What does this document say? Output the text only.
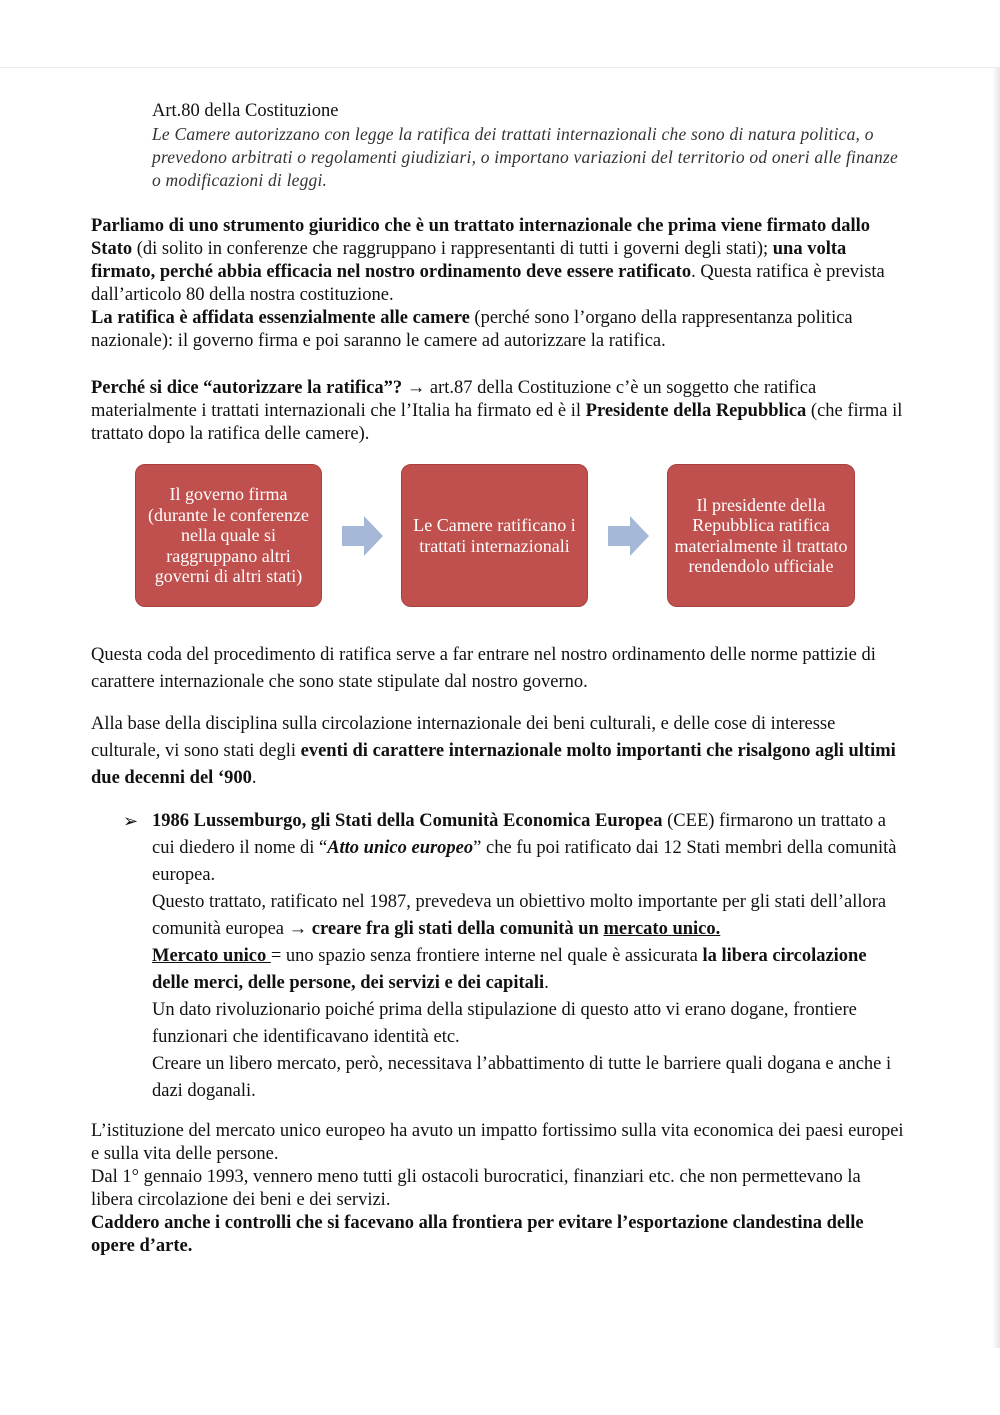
Art.80 della Costituzione

Le Camere autorizzano con legge la ratifica dei trattati internazionali che sono di natura politica, o prevedono arbitrati o regolamenti giudiziari, o importano variazioni del territorio od oneri alle finanze o modificazioni di leggi.

Parliamo di uno strumento giuridico che è un trattato internazionale che prima viene firmato dallo Stato (di solito in conferenze che raggruppano i rappresentanti di tutti i governi degli stati); una volta firmato, perché abbia efficacia nel nostro ordinamento deve essere ratificato. Questa ratifica è prevista dall’articolo 80 della nostra costituzione.
La ratifica è affidata essenzialmente alle camere (perché sono l’organo della rappresentanza politica nazionale): il governo firma e poi saranno le camere ad autorizzare la ratifica.

Perché si dice “autorizzare la ratifica”? → art.87 della Costituzione c’è un soggetto che ratifica materialmente i trattati internazionali che l’Italia ha firmato ed è il Presidente della Repubblica (che firma il trattato dopo la ratifica delle camere).

Il governo firma (durante le conferenze nella quale si raggruppano altri governi di altri stati)
Le Camere ratificano i trattati internazionali
Il presidente della Repubblica ratifica materialmente il trattato rendendolo ufficiale

Questa coda del procedimento di ratifica serve a far entrare nel nostro ordinamento delle norme pattizie di carattere internazionale che sono state stipulate dal nostro governo.

Alla base della disciplina sulla circolazione internazionale dei beni culturali, e delle cose di interesse culturale, vi sono stati degli eventi di carattere internazionale molto importanti che risalgono agli ultimi due decenni del ‘900.

➢ 1986 Lussemburgo, gli Stati della Comunità Economica Europea (CEE) firmarono un trattato a cui diedero il nome di “Atto unico europeo” che fu poi ratificato dai 12 Stati membri della comunità europea.
Questo trattato, ratificato nel 1987, prevedeva un obiettivo molto importante per gli stati dell’allora comunità europea → creare fra gli stati della comunità un mercato unico.
Mercato unico = uno spazio senza frontiere interne nel quale è assicurata la libera circolazione delle merci, delle persone, dei servizi e dei capitali.
Un dato rivoluzionario poiché prima della stipulazione di questo atto vi erano dogane, frontiere funzionari che identificavano identità etc.
Creare un libero mercato, però, necessitava l’abbattimento di tutte le barriere quali dogana e anche i dazi doganali.

L’istituzione del mercato unico europeo ha avuto un impatto fortissimo sulla vita economica dei paesi europei e sulla vita delle persone.
Dal 1° gennaio 1993, vennero meno tutti gli ostacoli burocratici, finanziari etc. che non permettevano la libera circolazione dei beni e dei servizi.
Caddero anche i controlli che si facevano alla frontiera per evitare l’esportazione clandestina delle opere d’arte.
